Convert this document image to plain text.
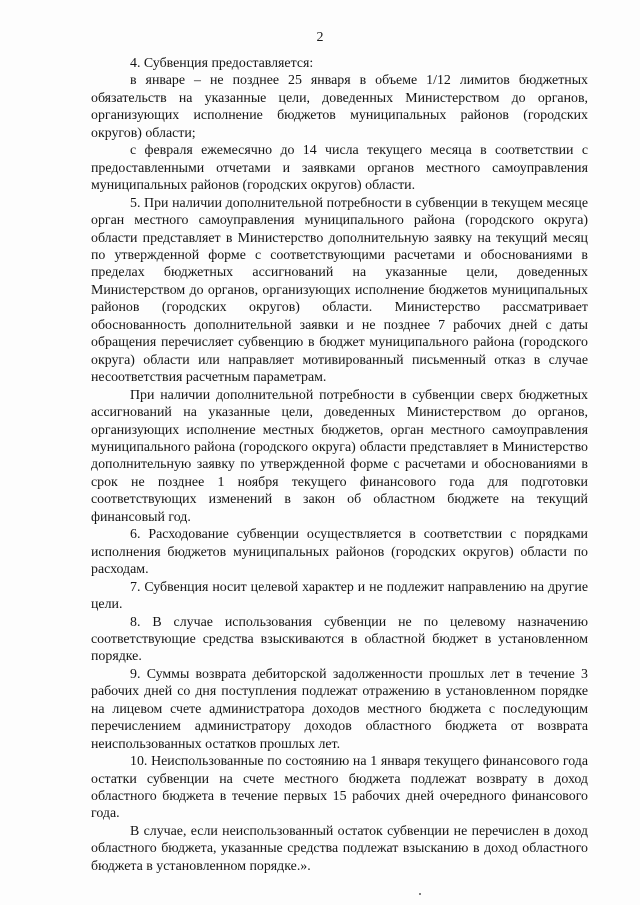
2

4. Субвенция предоставляется:

в январе – не позднее 25 января в объеме 1/12 лимитов бюджетных обязательств на указанные цели, доведенных Министерством до органов, организующих исполнение бюджетов муниципальных районов (городских округов) области;

с февраля ежемесячно до 14 числа текущего месяца в соответствии с предоставленными отчетами и заявками органов местного самоуправления муниципальных районов (городских округов) области.

5. При наличии дополнительной потребности в субвенции в текущем месяце орган местного самоуправления муниципального района (городского округа) области представляет в Министерство дополнительную заявку на текущий месяц по утвержденной форме с соответствующими расчетами и обоснованиями в пределах бюджетных ассигнований на указанные цели, доведенных Министерством до органов, организующих исполнение бюджетов муниципальных районов (городских округов) области. Министерство рассматривает обоснованность дополнительной заявки и не позднее 7 рабочих дней с даты обращения перечисляет субвенцию в бюджет муниципального района (городского округа) области или направляет мотивированный письменный отказ в случае несоответствия расчетным параметрам.

При наличии дополнительной потребности в субвенции сверх бюджетных ассигнований на указанные цели, доведенных Министерством до органов, организующих исполнение местных бюджетов, орган местного самоуправления муниципального района (городского округа) области представляет в Министерство дополнительную заявку по утвержденной форме с расчетами и обоснованиями в срок не позднее 1 ноября текущего финансового года для подготовки соответствующих изменений в закон об областном бюджете на текущий финансовый год.

6. Расходование субвенции осуществляется в соответствии с порядками исполнения бюджетов муниципальных районов (городских округов) области по расходам.

7. Субвенция носит целевой характер и не подлежит направлению на другие цели.

8. В случае использования субвенции не по целевому назначению соответствующие средства взыскиваются в областной бюджет в установленном порядке.

9. Суммы возврата дебиторской задолженности прошлых лет в течение 3 рабочих дней со дня поступления подлежат отражению в установленном порядке на лицевом счете администратора доходов местного бюджета с последующим перечислением администратору доходов областного бюджета от возврата неиспользованных остатков прошлых лет.

10. Неиспользованные по состоянию на 1 января текущего финансового года остатки субвенции на счете местного бюджета подлежат возврату в доход областного бюджета в течение первых 15 рабочих дней очередного финансового года.

В случае, если неиспользованный остаток субвенции не перечислен в доход областного бюджета, указанные средства подлежат взысканию в доход областного бюджета в установленном порядке.».
